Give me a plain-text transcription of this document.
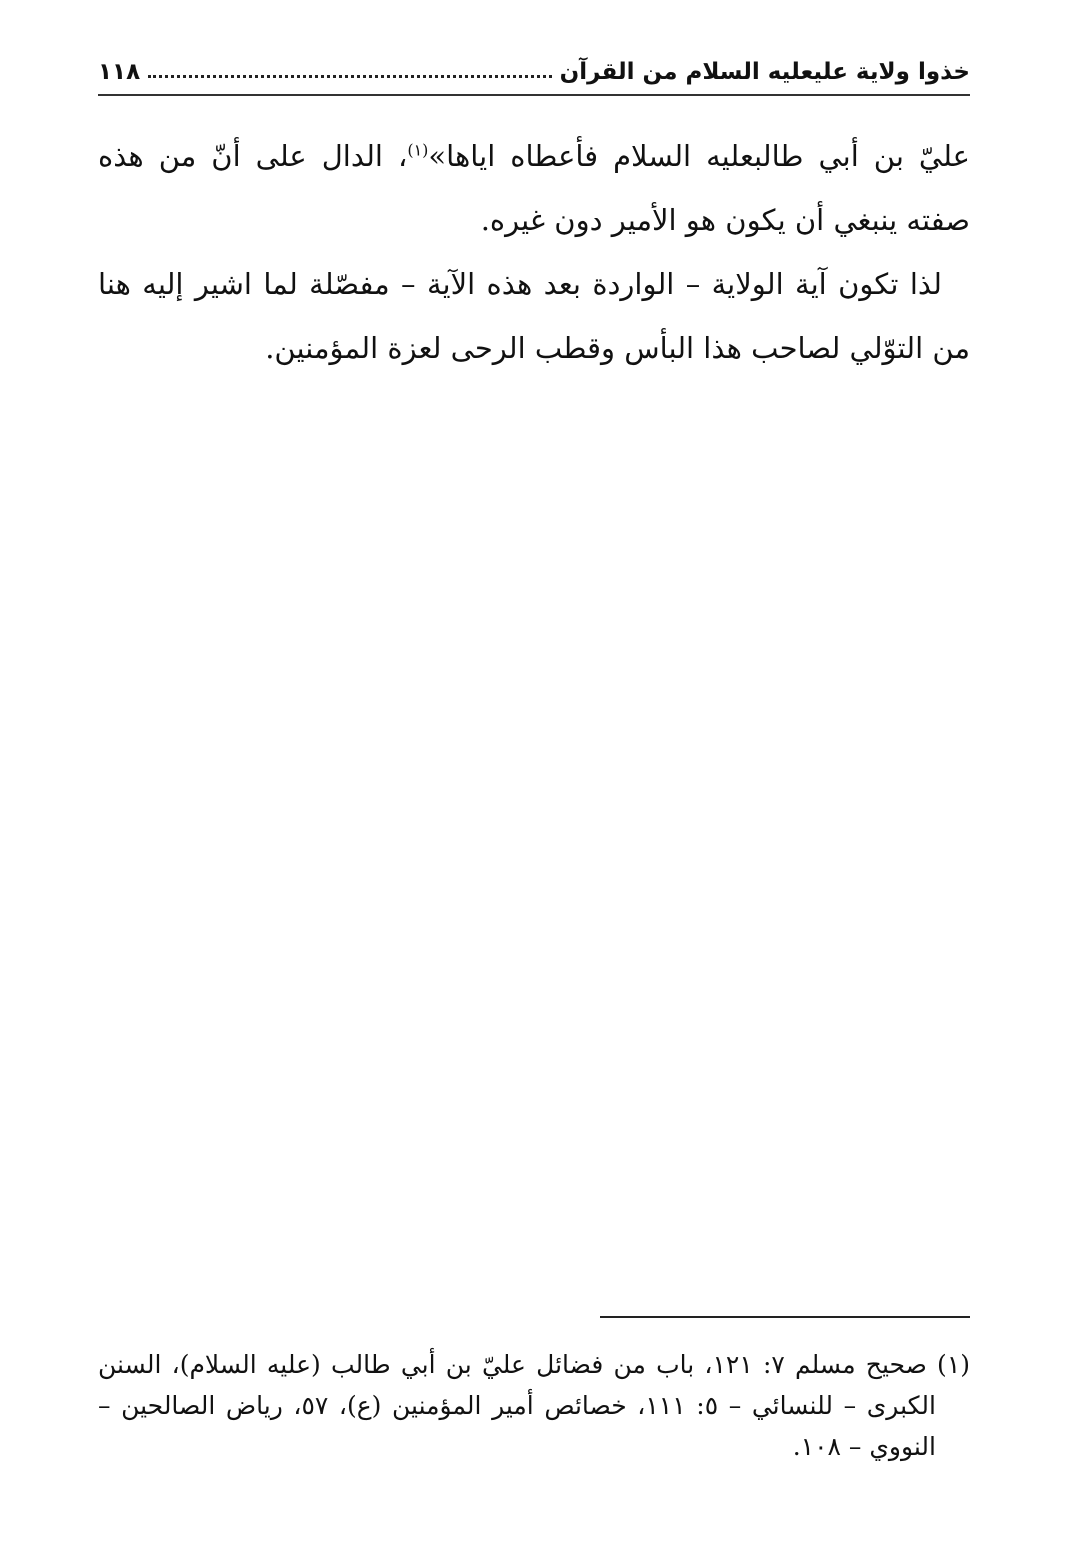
خذوا ولاية عليعليه السلام من القرآن
١١٨

عليّ بن أبي طالبعليه السلام فأعطاه اياها»$^{(١)}$، الدال على أنّ من هذه صفته ينبغي أن يكون هو الأمير دون غيره.

لذا تكون آية الولاية – الواردة بعد هذه الآية – مفصّلة لما اشير إليه هنا من التوّلي لصاحب هذا البأس وقطب الرحى لعزة المؤمنين.

(١) صحيح مسلم ٧: ١٢١، باب من فضائل عليّ بن أبي طالب (عليه السلام)، السنن الكبرى – للنسائي – ٥: ١١١، خصائص أمير المؤمنين (ع)، ٥٧، رياض الصالحين – النووي – ١٠٨.
